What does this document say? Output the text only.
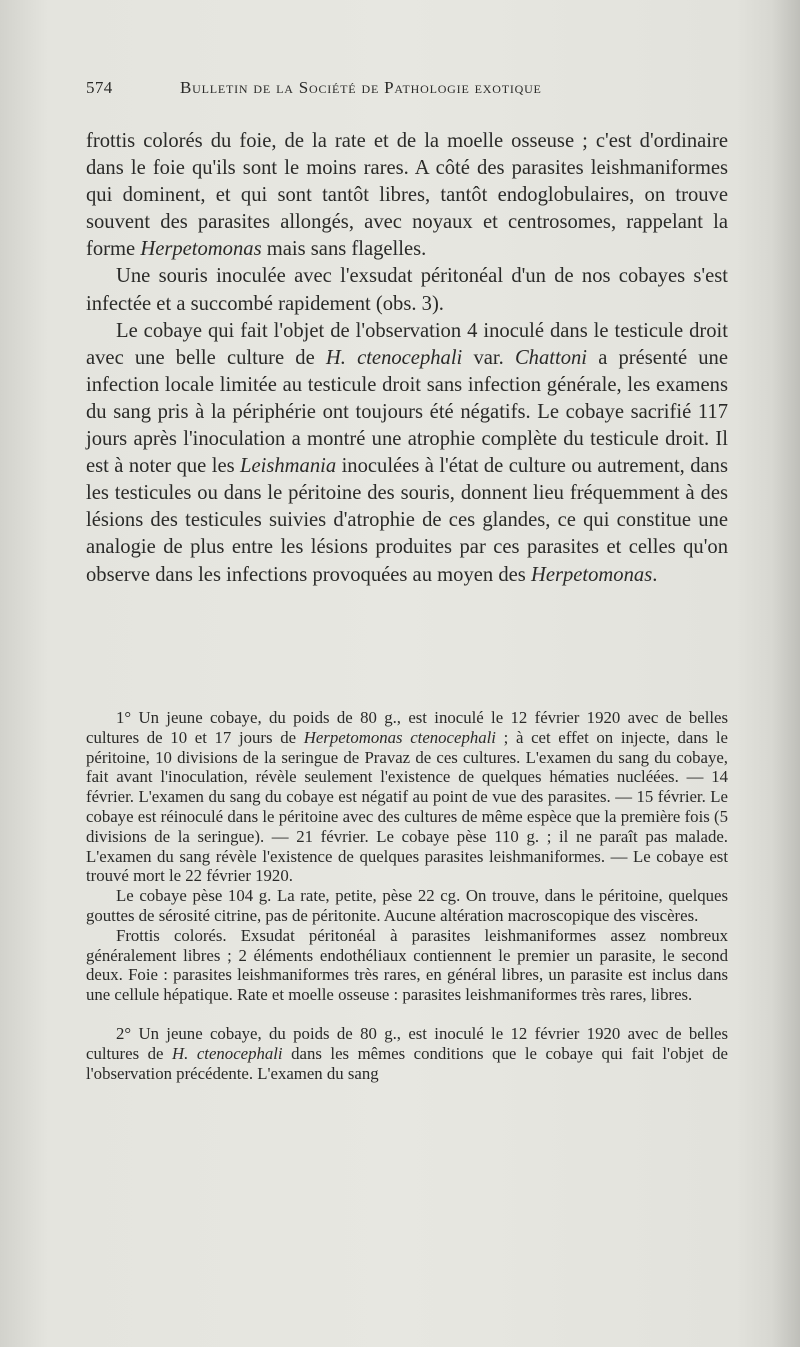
574	Bulletin de la Société de Pathologie exotique

frottis colorés du foie, de la rate et de la moelle osseuse ; c'est d'ordinaire dans le foie qu'ils sont le moins rares. A côté des parasites leishmaniformes qui dominent, et qui sont tantôt libres, tantôt endoglobulaires, on trouve souvent des parasites allongés, avec noyaux et centrosomes, rappelant la forme Herpetomonas mais sans flagelles.

Une souris inoculée avec l'exsudat péritonéal d'un de nos cobayes s'est infectée et a succombé rapidement (obs. 3).

Le cobaye qui fait l'objet de l'observation 4 inoculé dans le testicule droit avec une belle culture de H. ctenocephali var. Chattoni a présenté une infection locale limitée au testicule droit sans infection générale, les examens du sang pris à la périphérie ont toujours été négatifs. Le cobaye sacrifié 117 jours après l'inoculation a montré une atrophie complète du testicule droit. Il est à noter que les Leishmania inoculées à l'état de culture ou autrement, dans les testicules ou dans le péritoine des souris, donnent lieu fréquemment à des lésions des testicules suivies d'atrophie de ces glandes, ce qui constitue une analogie de plus entre les lésions produites par ces parasites et celles qu'on observe dans les infections provoquées au moyen des Herpetomonas.

1° Un jeune cobaye, du poids de 80 g., est inoculé le 12 février 1920 avec de belles cultures de 10 et 17 jours de Herpetomonas ctenocephali ; à cet effet on injecte, dans le péritoine, 10 divisions de la seringue de Pravaz de ces cultures. L'examen du sang du cobaye, fait avant l'inoculation, révèle seulement l'existence de quelques hématies nucléées. — 14 février. L'examen du sang du cobaye est négatif au point de vue des parasites. — 15 février. Le cobaye est réinoculé dans le péritoine avec des cultures de même espèce que la première fois (5 divisions de la seringue). — 21 février. Le cobaye pèse 110 g. ; il ne paraît pas malade. L'examen du sang révèle l'existence de quelques parasites leishmaniformes. — Le cobaye est trouvé mort le 22 février 1920.

Le cobaye pèse 104 g. La rate, petite, pèse 22 cg. On trouve, dans le péritoine, quelques gouttes de sérosité citrine, pas de péritonite. Aucune altération macroscopique des viscères.

Frottis colorés. Exsudat péritonéal à parasites leishmaniformes assez nombreux généralement libres ; 2 éléments endothéliaux contiennent le premier un parasite, le second deux. Foie : parasites leishmaniformes très rares, en général libres, un parasite est inclus dans une cellule hépatique. Rate et moelle osseuse : parasites leishmaniformes très rares, libres.

2° Un jeune cobaye, du poids de 80 g., est inoculé le 12 février 1920 avec de belles cultures de H. ctenocephali dans les mêmes conditions que le cobaye qui fait l'objet de l'observation précédente. L'examen du sang
